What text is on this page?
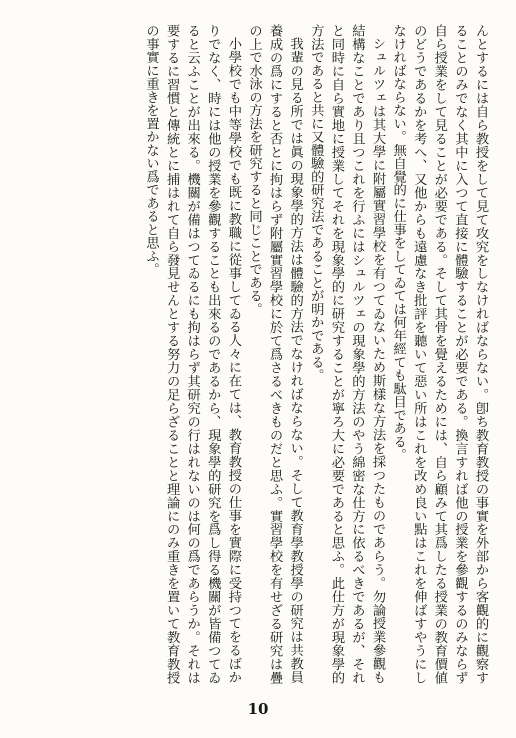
んとするには自ら教授をして見て攻究をしなければならない。卽ち教育教授の事實を外部から客觀的に觀察することのみでなく其中に入つて直接に體驗することが必要である。換言すれば他の授業を參觀するのみならず自ら授業をして見ることが必要である。そして其骨を覺えるためには、自ら顧みて其爲したる授業の教育價値のどうであるかを考へ、又他からも遠慮なき批評を聽いて惡い所はこれを改め良い點はこれを伸ばすやうにしなければならない。無自覺的に仕事をしてゐては何年經ても駄目である。

シュルツェは其大學に附屬實習學校を有つてゐないため斯樣な方法を採つたものであらう。勿論授業參觀も結構なことであり且つこれを行ふにはシュルツェの現象學的方法のやう綿密な仕方に依るべきであるが、それと同時に自ら實地に授業してそれを現象學的に研究することが寧ろ大に必要であると思ふ。此仕方が現象學的方法であると共に又體驗的研究法であることが明かである。

我輩の見る所では眞の現象學的方法は體驗的方法でなければならない。そして教育學教授學の研究は共教員養成の爲にすると否とに拘はらず附屬實習學校に於て爲さるべきものだと思ふ。實習學校を有せざる研究は疊の上で水泳の方法を研究すると同じことである。

小學校でも中等學校でも既に教職に從事してゐる人々に在ては、教育教授の仕事を實際に受持つてをるばかりでなく、時には他の授業を參觀することも出來るのであるから、現象學的研究を爲し得る機關が皆備つてゐると云ふことが出來る。機關が備はつてゐるにも拘はらず其研究の行はれないのは何の爲であらうか。それは要するに習慣と傳統とに捕はれて自ら發見せんとする努力の足らざることと理論にのみ重きを置いて教育教授の事實に重きを置かない爲であると思ふ。

10
